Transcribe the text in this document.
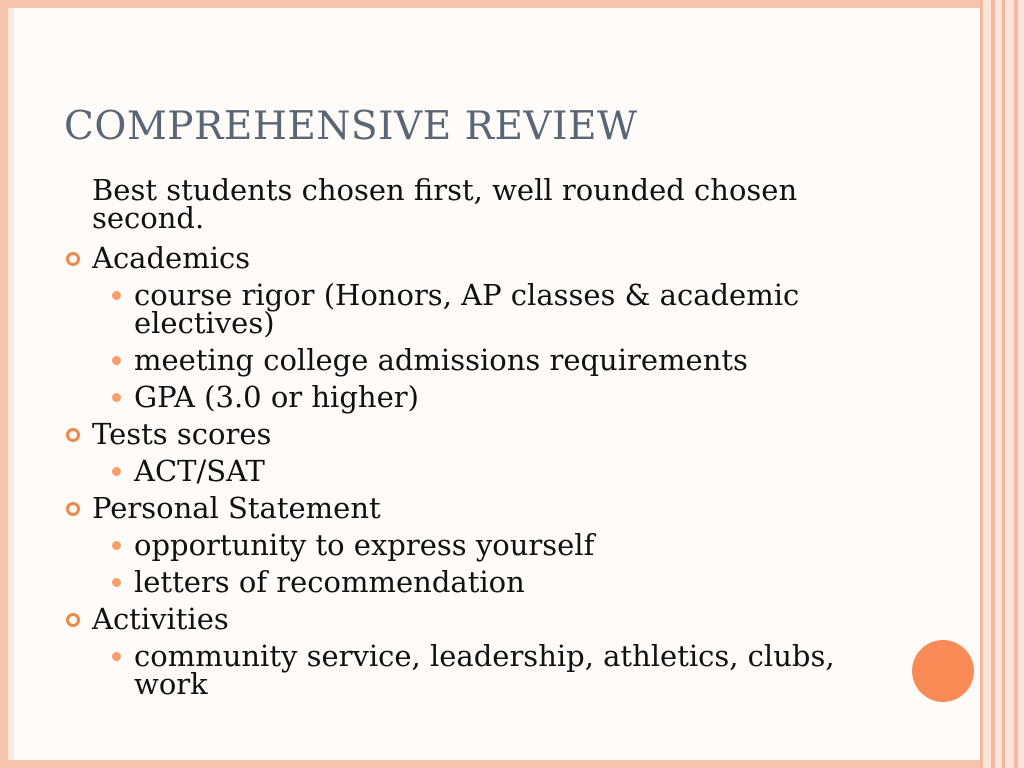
COMPREHENSIVE REVIEW
Best students chosen first, well rounded chosen second.
Academics
course rigor (Honors, AP classes & academic electives)
meeting college admissions requirements
GPA (3.0 or higher)
Tests scores
ACT/SAT
Personal Statement
opportunity to express yourself
letters of recommendation
Activities
community service, leadership, athletics, clubs, work
